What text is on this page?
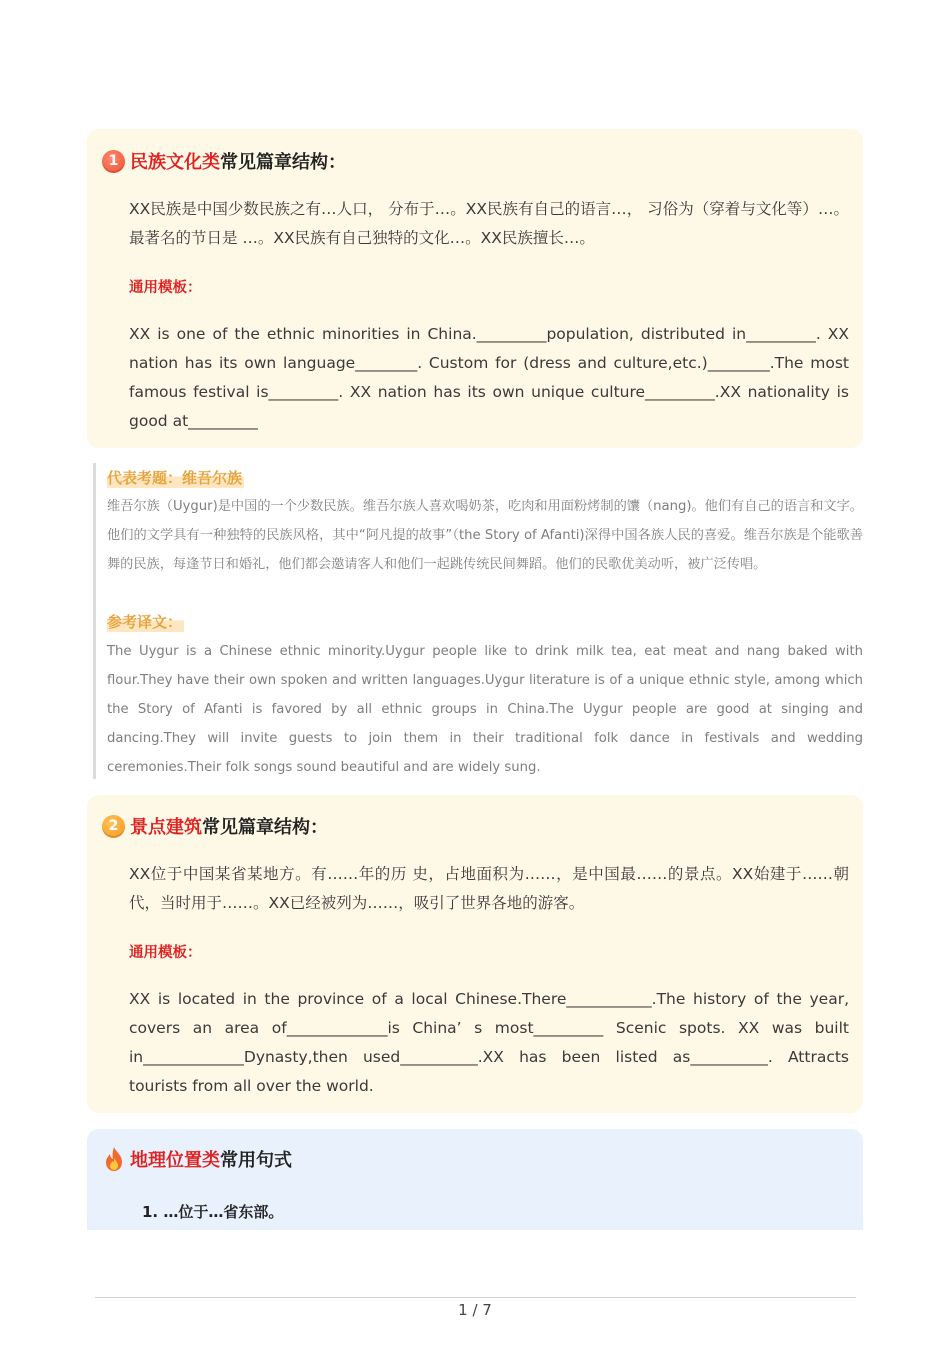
1 民族文化类 常见篇章结构：
XX民族是中国少数民族之有…人口， 分布于…。XX民族有自己的语言…， 习俗为（穿着与文化等）…。最著名的节日是 …。XX民族有自己独特的文化…。XX民族擅长…。
通用模板：
XX is one of the ethnic minorities in China._________population, distributed in_________. XX nation has its own language________. Custom for (dress and culture,etc.)________.The most famous festival is_________. XX nation has its own unique culture_________.XX nationality is good at_________
代表考题：维吾尔族
维吾尔族（Uygur)是中国的一个少数民族。维吾尔族人喜欢喝奶茶，吃肉和用面粉烤制的馕（nang)。他们有自己的语言和文字。他们的文学具有一种独特的民族风格，其中“阿凡提的故事”（the Story of Afanti)深得中国各族人民的喜爱。维吾尔族是个能歌善舞的民族，每逢节日和婚礼，他们都会邀请客人和他们一起跳传统民间舞蹈。他们的民歌优美动听，被广泛传唱。
参考译文：
The Uygur is a Chinese ethnic minority.Uygur people like to drink milk tea, eat meat and nang baked with flour.They have their own spoken and written languages.Uygur literature is of a unique ethnic style, among which the Story of Afanti is favored by all ethnic groups in China.The Uygur people are good at singing and dancing.They will invite guests to join them in their traditional folk dance in festivals and wedding ceremonies.Their folk songs sound beautiful and are widely sung.
2 景点建筑 常见篇章结构：
XX位于中国某省某地方。有……年的历 史，占地面积为……，是中国最……的景点。XX始建于……朝代，当时用于……。XX已经被列为……，吸引了世界各地的游客。
通用模板：
XX is located in the province of a local Chinese.There___________.The history of the year, covers an area of_____________is China’ s most_________ Scenic spots. XX was built in_____________Dynasty,then used__________.XX has been listed as__________. Attracts tourists from all over the world.
地理位置类 常用句式
1. …位于…省东部。
1 / 7
